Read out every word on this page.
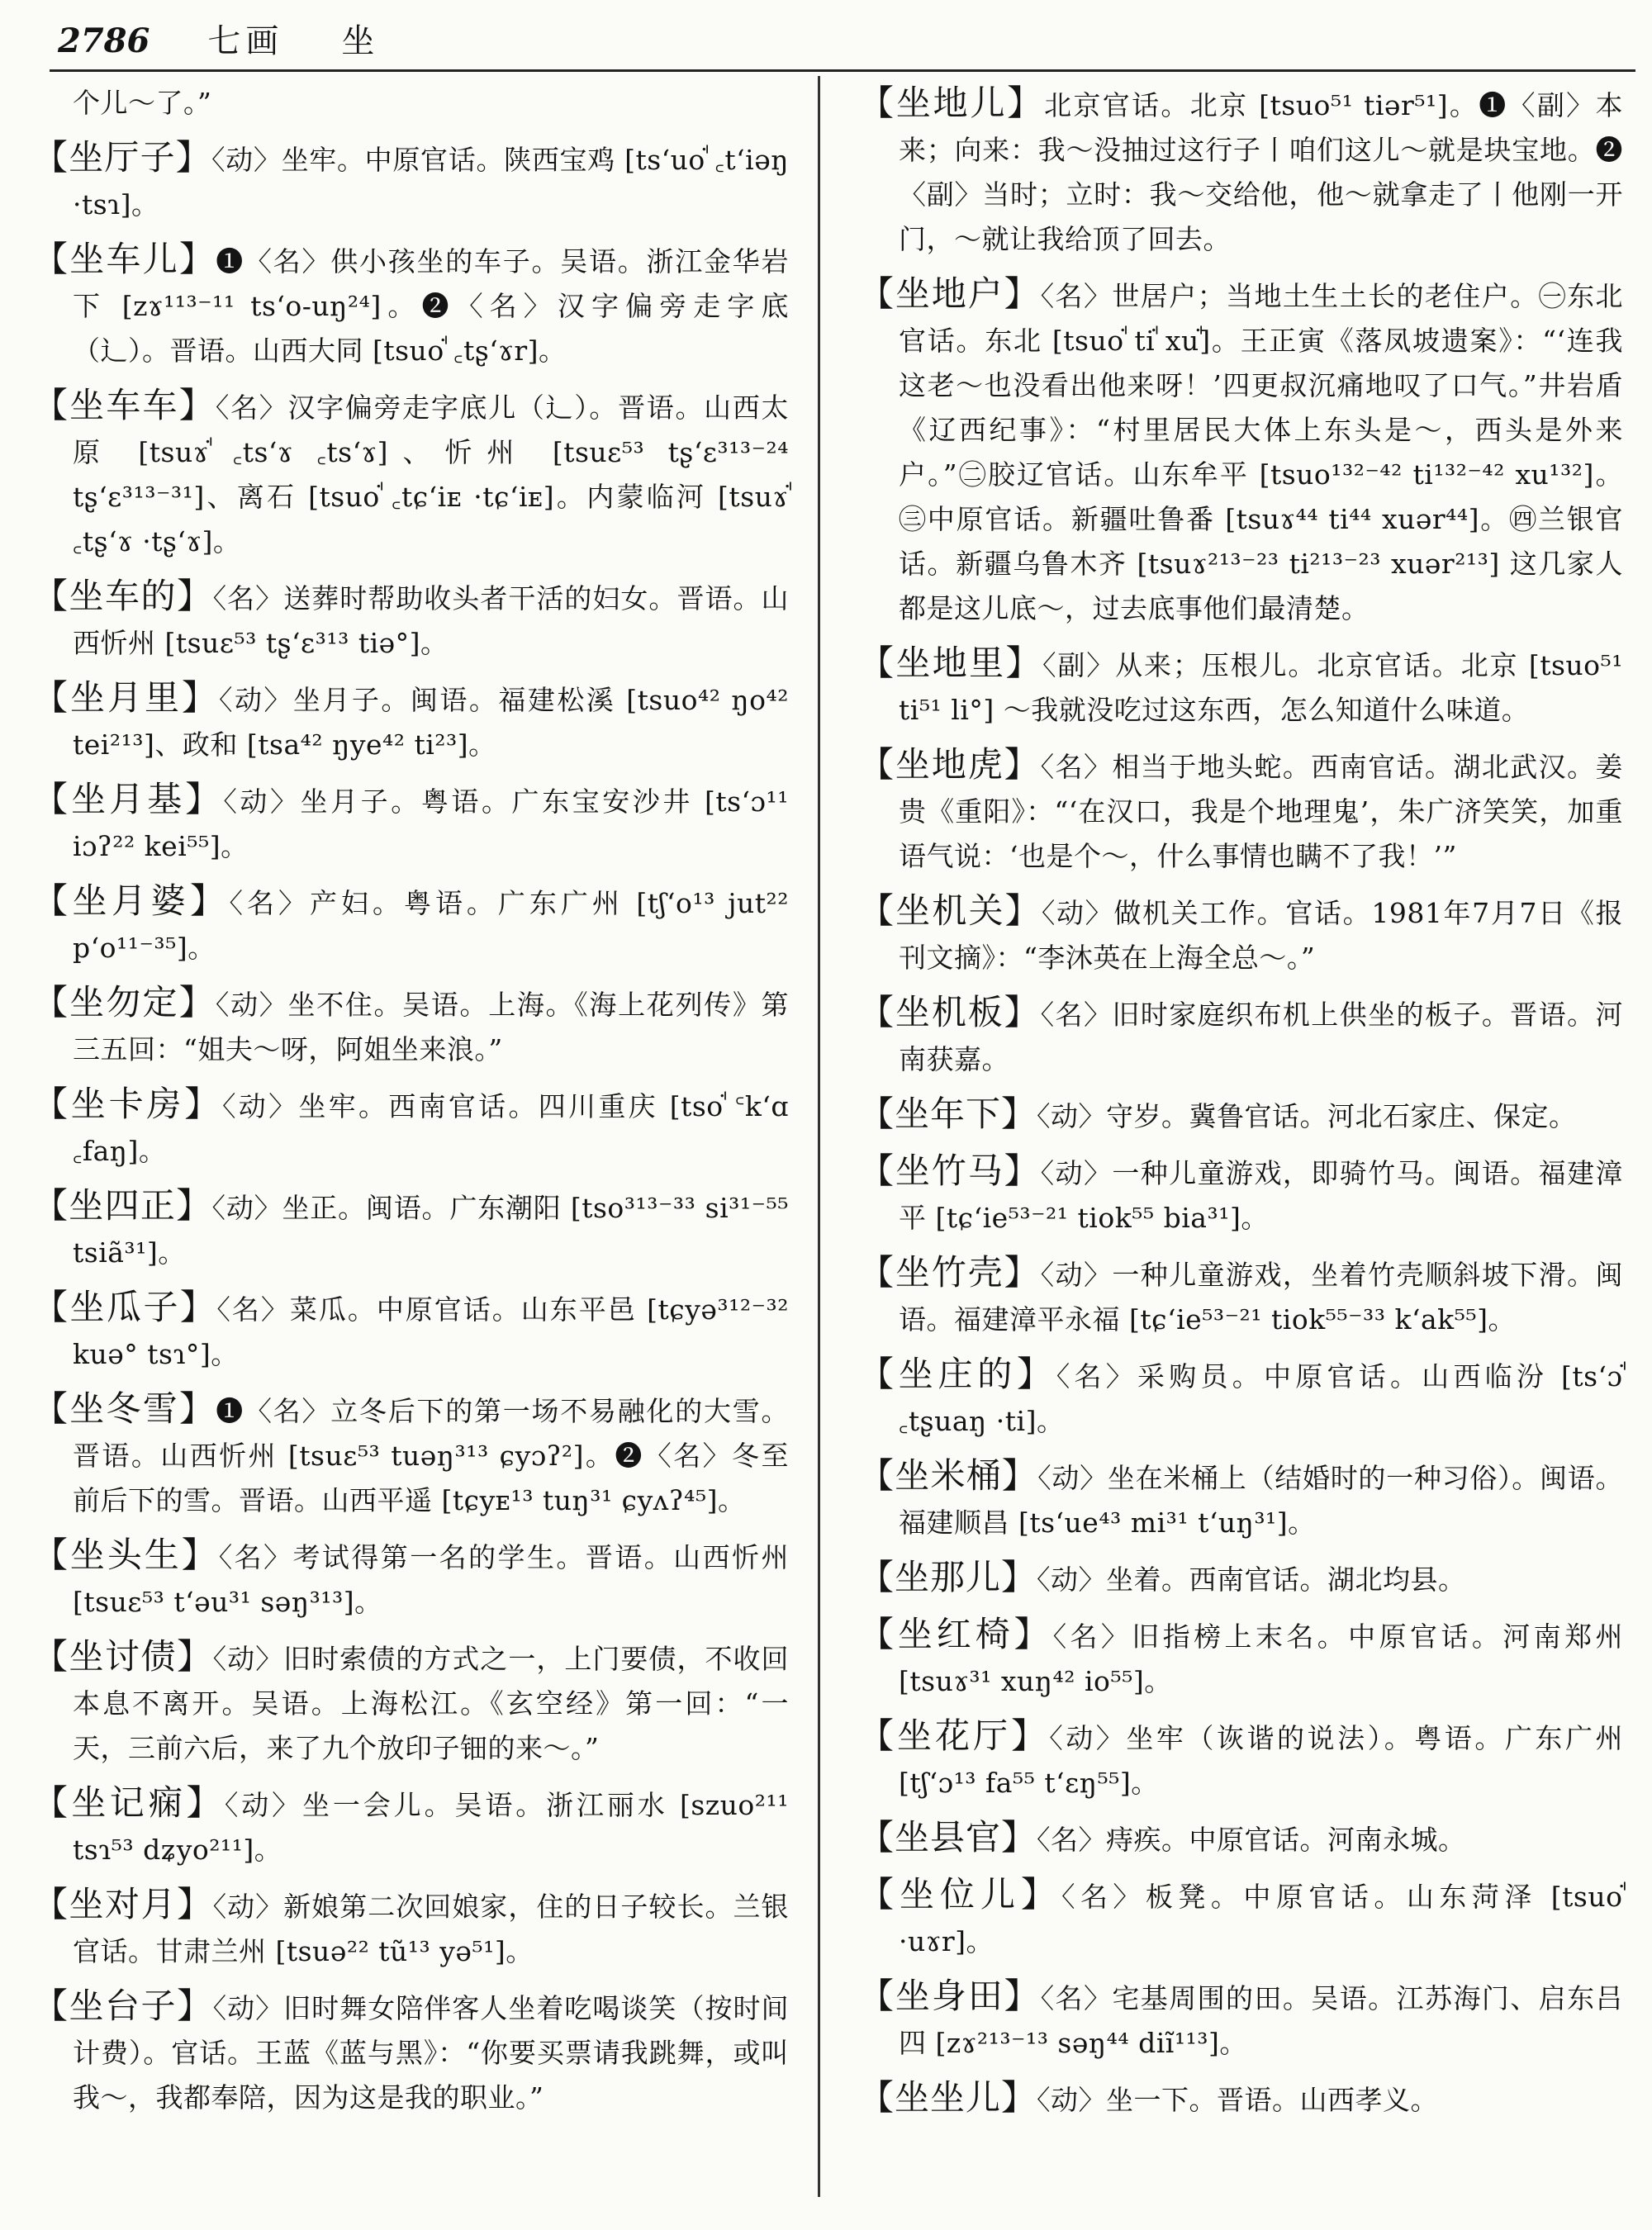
2786 七画 坐

个儿～了。”

【坐厅子】〈动〉坐牢。中原官话。陕西宝鸡 [ts‘uoꜗ ꜀t‘iəŋ ·tsɿ]。

【坐车儿】❶〈名〉供小孩坐的车子。吴语。浙江金华岩下 [zɤ¹¹³⁻¹¹ ts‘o-uŋ²⁴]。❷〈名〉汉字偏旁走字底（辶）。晋语。山西大同 [tsuoꜗ ꜀tʂ‘ɤr]。

【坐车车】〈名〉汉字偏旁走字底儿（辶）。晋语。山西太原 [tsuɤꜗ ꜀ts‘ɤ ꜀ts‘ɤ]、忻州 [tsuɛ⁵³ tʂ‘ɛ³¹³⁻²⁴ tʂ‘ɛ³¹³⁻³¹]、离石 [tsuoꜗ ꜀tɕ‘iᴇ ·tɕ‘iᴇ]。内蒙临河 [tsuɤꜗ ꜀tʂ‘ɤ ·tʂ‘ɤ]。

【坐车的】〈名〉送葬时帮助收头者干活的妇女。晋语。山西忻州 [tsuɛ⁵³ tʂ‘ɛ³¹³ tiə°]。

【坐月里】〈动〉坐月子。闽语。福建松溪 [tsuo⁴² ŋo⁴² tei²¹³]、政和 [tsa⁴² ŋye⁴² ti²³]。

【坐月基】〈动〉坐月子。粤语。广东宝安沙井 [ts‘ɔ¹¹ iɔʔ²² kei⁵⁵]。

【坐月婆】〈名〉产妇。粤语。广东广州 [tʃ‘o¹³ jut²² p‘o¹¹⁻³⁵]。

【坐勿定】〈动〉坐不住。吴语。上海。《海上花列传》第三五回：“姐夫～呀，阿姐坐来浪。”

【坐卡房】〈动〉坐牢。西南官话。四川重庆 [tsoꜗ ꜂k‘ɑ ꜀faŋ]。

【坐四正】〈动〉坐正。闽语。广东潮阳 [tso³¹³⁻³³ si³¹⁻⁵⁵ tsiã³¹]。

【坐瓜子】〈名〉菜瓜。中原官话。山东平邑 [tɕyə³¹²⁻³² kuə° tsɿ°]。

【坐冬雪】❶〈名〉立冬后下的第一场不易融化的大雪。晋语。山西忻州 [tsuɛ⁵³ tuəŋ³¹³ ɕyɔʔ²]。❷〈名〉冬至前后下的雪。晋语。山西平遥 [tɕyᴇ¹³ tuŋ³¹ ɕyʌʔ⁴⁵]。

【坐头生】〈名〉考试得第一名的学生。晋语。山西忻州 [tsuɛ⁵³ t‘əu³¹ səŋ³¹³]。

【坐讨债】〈动〉旧时索债的方式之一，上门要债，不收回本息不离开。吴语。上海松江。《玄空经》第一回：“一天，三前六后，来了九个放印子钿的来～。”

【坐记痫】〈动〉坐一会儿。吴语。浙江丽水 [szuo²¹¹ tsɿ⁵³ dʑyo²¹¹]。

【坐对月】〈动〉新娘第二次回娘家，住的日子较长。兰银官话。甘肃兰州 [tsuə²² tũ¹³ yə⁵¹]。

【坐台子】〈动〉旧时舞女陪伴客人坐着吃喝谈笑（按时间计费）。官话。王蓝《蓝与黑》：“你要买票请我跳舞，或叫我～，我都奉陪，因为这是我的职业。”

【坐地儿】北京官话。北京 [tsuo⁵¹ tiər⁵¹]。❶〈副〉本来；向来：我～没抽过这行子丨咱们这儿～就是块宝地。❷〈副〉当时；立时：我～交给他，他～就拿走了丨他刚一开门，～就让我给顶了回去。

【坐地户】〈名〉世居户；当地土生土长的老住户。㊀东北官话。东北 [tsuoꜗ tiꜗ xuꜗ]。王正寅《落凤坡遗案》：“‘连我这老～也没看出他来呀！’四更叔沉痛地叹了口气。”井岩盾《辽西纪事》：“村里居民大体上东头是～，西头是外来户。”㊁胶辽官话。山东牟平 [tsuo¹³²⁻⁴² ti¹³²⁻⁴² xu¹³²]。㊂中原官话。新疆吐鲁番 [tsuɤ⁴⁴ ti⁴⁴ xuər⁴⁴]。㊃兰银官话。新疆乌鲁木齐 [tsuɤ²¹³⁻²³ ti²¹³⁻²³ xuər²¹³] 这几家人都是这儿底～，过去底事他们最清楚。

【坐地里】〈副〉从来；压根儿。北京官话。北京 [tsuo⁵¹ ti⁵¹ li°] ～我就没吃过这东西，怎么知道什么味道。

【坐地虎】〈名〉相当于地头蛇。西南官话。湖北武汉。姜贵《重阳》：“‘在汉口，我是个地理鬼’，朱广济笑笑，加重语气说：‘也是个～，什么事情也瞒不了我！’”

【坐机关】〈动〉做机关工作。官话。1981年7月7日《报刊文摘》：“李沐英在上海全总～。”

【坐机板】〈名〉旧时家庭织布机上供坐的板子。晋语。河南获嘉。

【坐年下】〈动〉守岁。冀鲁官话。河北石家庄、保定。

【坐竹马】〈动〉一种儿童游戏，即骑竹马。闽语。福建漳平 [tɕ‘ie⁵³⁻²¹ tiok⁵⁵ bia³¹]。

【坐竹壳】〈动〉一种儿童游戏，坐着竹壳顺斜坡下滑。闽语。福建漳平永福 [tɕ‘ie⁵³⁻²¹ tiok⁵⁵⁻³³ k‘ak⁵⁵]。

【坐庄的】〈名〉采购员。中原官话。山西临汾 [ts‘ɔꜗ ꜀tʂuaŋ ·ti]。

【坐米桶】〈动〉坐在米桶上（结婚时的一种习俗）。闽语。福建顺昌 [ts‘ue⁴³ mi³¹ t‘uŋ³¹]。

【坐那儿】〈动〉坐着。西南官话。湖北均县。

【坐红椅】〈名〉旧指榜上末名。中原官话。河南郑州 [tsuɤ³¹ xuŋ⁴² io⁵⁵]。

【坐花厅】〈动〉坐牢（诙谐的说法）。粤语。广东广州 [tʃ‘ɔ¹³ fa⁵⁵ t‘ɛŋ⁵⁵]。

【坐县官】〈名〉痔疾。中原官话。河南永城。

【坐位儿】〈名〉板凳。中原官话。山东菏泽 [tsuoꜗ ·uɤr]。

【坐身田】〈名〉宅基周围的田。吴语。江苏海门、启东吕四 [zɤ²¹³⁻¹³ səŋ⁴⁴ diĩ¹¹³]。

【坐坐儿】〈动〉坐一下。晋语。山西孝义。
